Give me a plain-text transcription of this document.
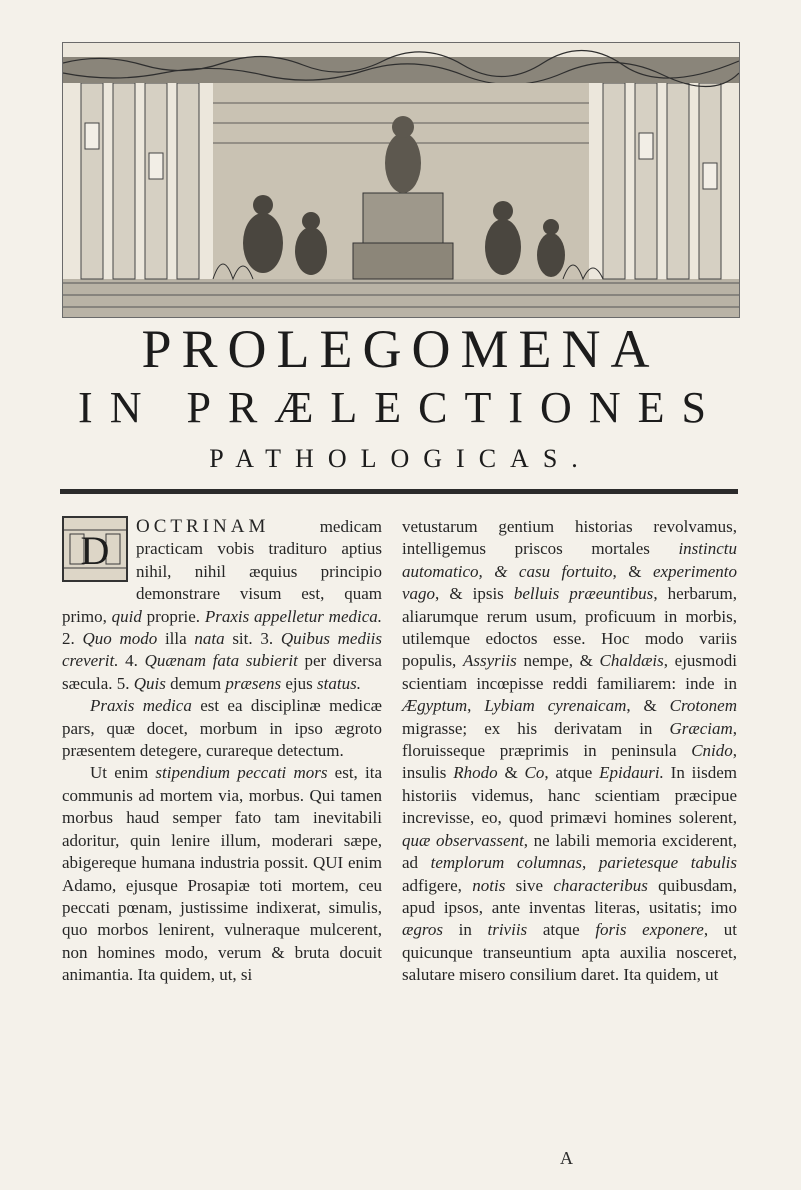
PROLEGOMENA
IN PRÆLECTIONES
PATHOLOGICAS.
D

OCTRINAM medicam practicam vobis tradituro aptius nihil, nihil æquius principio demonstrare visum est, quam primo, quid proprie. Praxis appelletur medica. 2. Quo modo illa nata sit. 3. Quibus mediis creverit. 4. Quænam fata subierit per diversa sæcula. 5. Quis demum præsens ejus status.

Praxis medica est ea disciplinæ medicæ pars, quæ docet, morbum in ipso ægroto præsentem detegere, curareque detectum.

Ut enim stipendium peccati mors est, ita communis ad mortem via, morbus. Qui tamen morbus haud semper fato tam inevitabili adoritur, quin lenire illum, moderari sæpe, abigereque humana industria possit. QUI enim Adamo, ejusque Prosapiæ toti mortem, ceu peccati pœnam, justissime indixerat, simulis, quo morbos lenirent, vulneraque mulcerent, non homines modo, verum & bruta docuit animantia. Ita quidem, ut, si

vetustarum gentium historias revolvamus, intelligemus priscos mortales instinctu automatico, & casu fortuito, & experimento vago, & ipsis belluis præeuntibus, herbarum, aliarumque rerum usum, proficuum in morbis, utilemque edoctos esse. Hoc modo variis populis, Assyriis nempe, & Chaldæis, ejusmodi scientiam incœpisse reddi familiarem: inde in Ægyptum, Lybiam cyrenaicam, & Crotonem migrasse; ex his derivatam in Græciam, floruisseque præprimis in peninsula Cnido, insulis Rhodo & Co, atque Epidauri. In iisdem historiis videmus, hanc scientiam præcipue increvisse, eo, quod primævi homines solerent, quæ observassent, ne labili memoria exciderent, ad templorum columnas, parietesque tabulis adfigere, notis sive characteribus quibusdam, apud ipsos, ante inventas literas, usitatis; imo ægros in triviis atque foris exponere, ut quicunque transeuntium apta auxilia nosceret, salutare misero consilium daret. Ita quidem, ut

A
